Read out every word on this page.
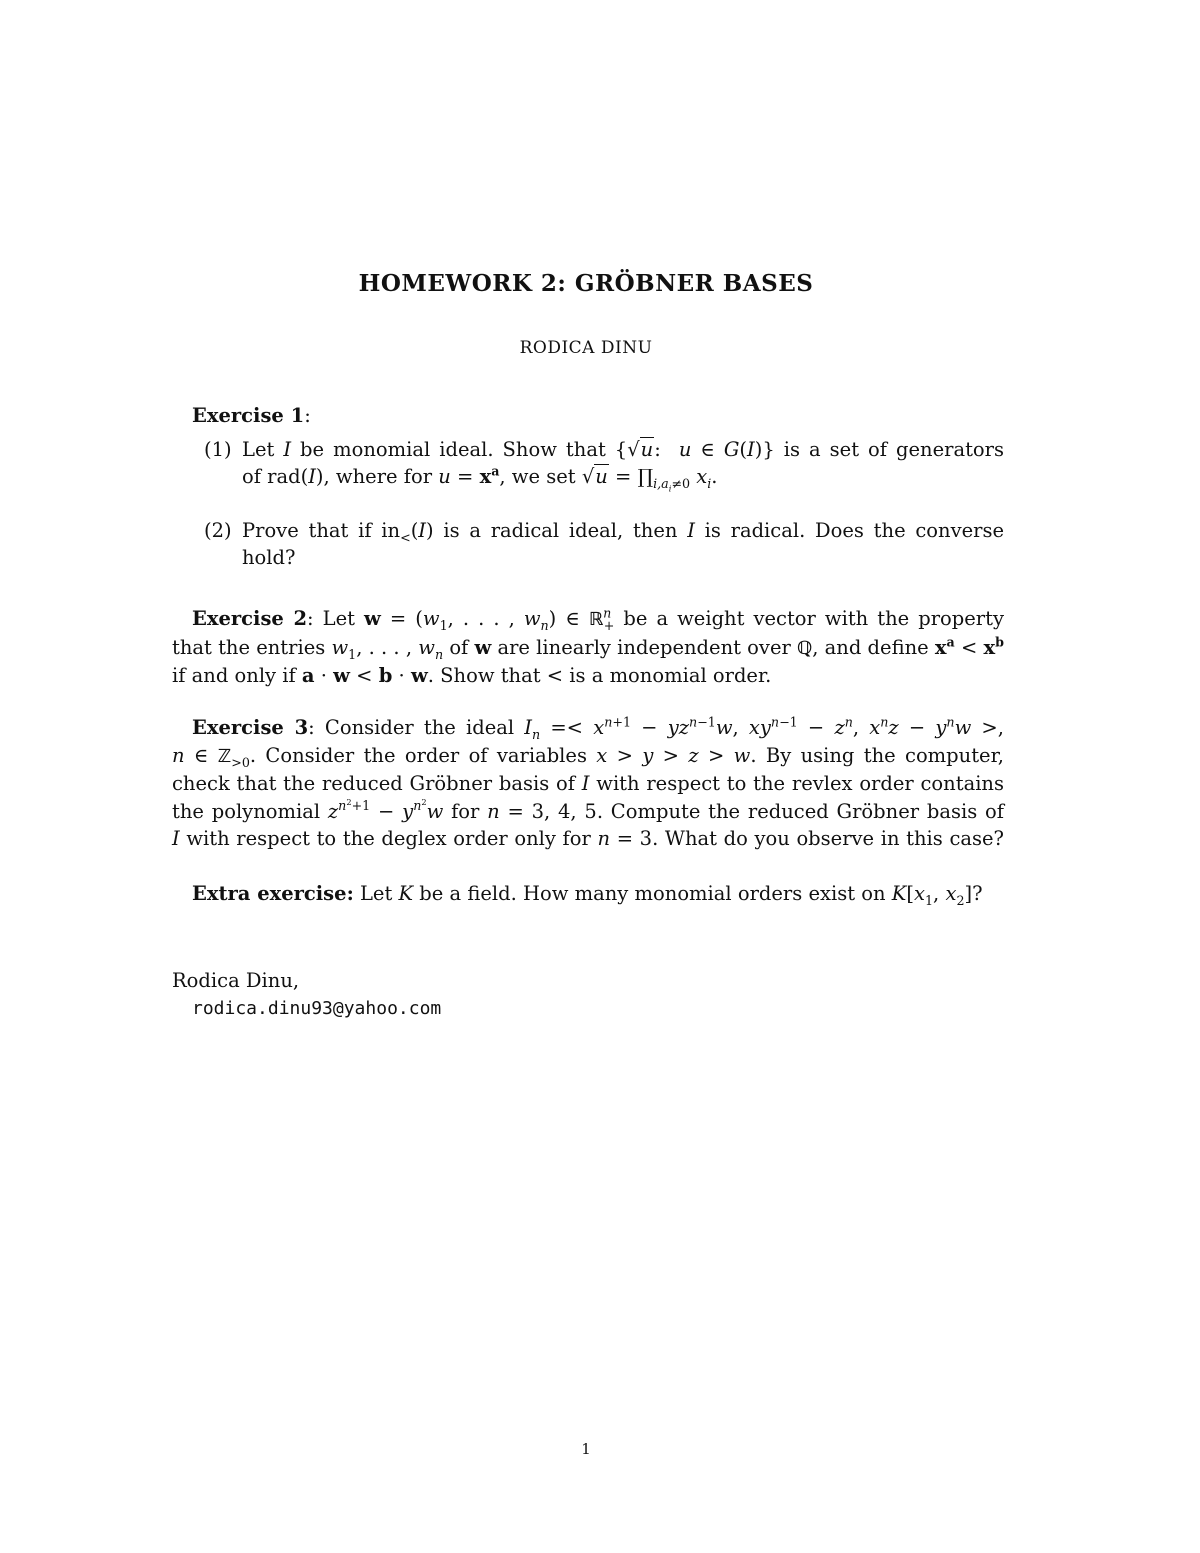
HOMEWORK 2: GRÖBNER BASES
RODICA DINU
Exercise 1:
(1) Let I be monomial ideal. Show that {√u:  u ∈ G(I)} is a set of generators
of rad(I), where for $u = x^a$, we set $√u = \prod_{i,a_i\ne 0}$ $x_i$.
(2) Prove that if $in_<(I)$ is a radical ideal, then I is radical. Does the converse
hold?
Exercise 2: Let $w = (w_1$, . . . , $w_n$) ∈ ℝ$^n_+$ be a weight vector with the property
that the entries $w_1$, . . . , $w_n$ of w are linearly independent over ℚ, and define $x^a < x^b$
if and only if a · w < b · w. Show that < is a monomial order.
Exercise 3: Consider the ideal $I_n =< x^{n+1} - yz^{n-1}w$, $xy^{n-1} - z^n$, $x^nz - y^nw$ >,
n ∈ ℤ$_{>0}$. Consider the order of variables x > y > z > w. By using the computer,
check that the reduced Gröbner basis of I with respect to the revlex order contains
the polynomial $z^{n^2+1} - y^{n^2}w$ for n = 3, 4, 5. Compute the reduced Gröbner basis of
I with respect to the deglex order only for n = 3. What do you observe in this case?
Extra exercise: Let K be a field. How many monomial orders exist on $K[x_1$, $x_2$]?
Rodica Dinu,
rodica.dinu93@yahoo.com
1
